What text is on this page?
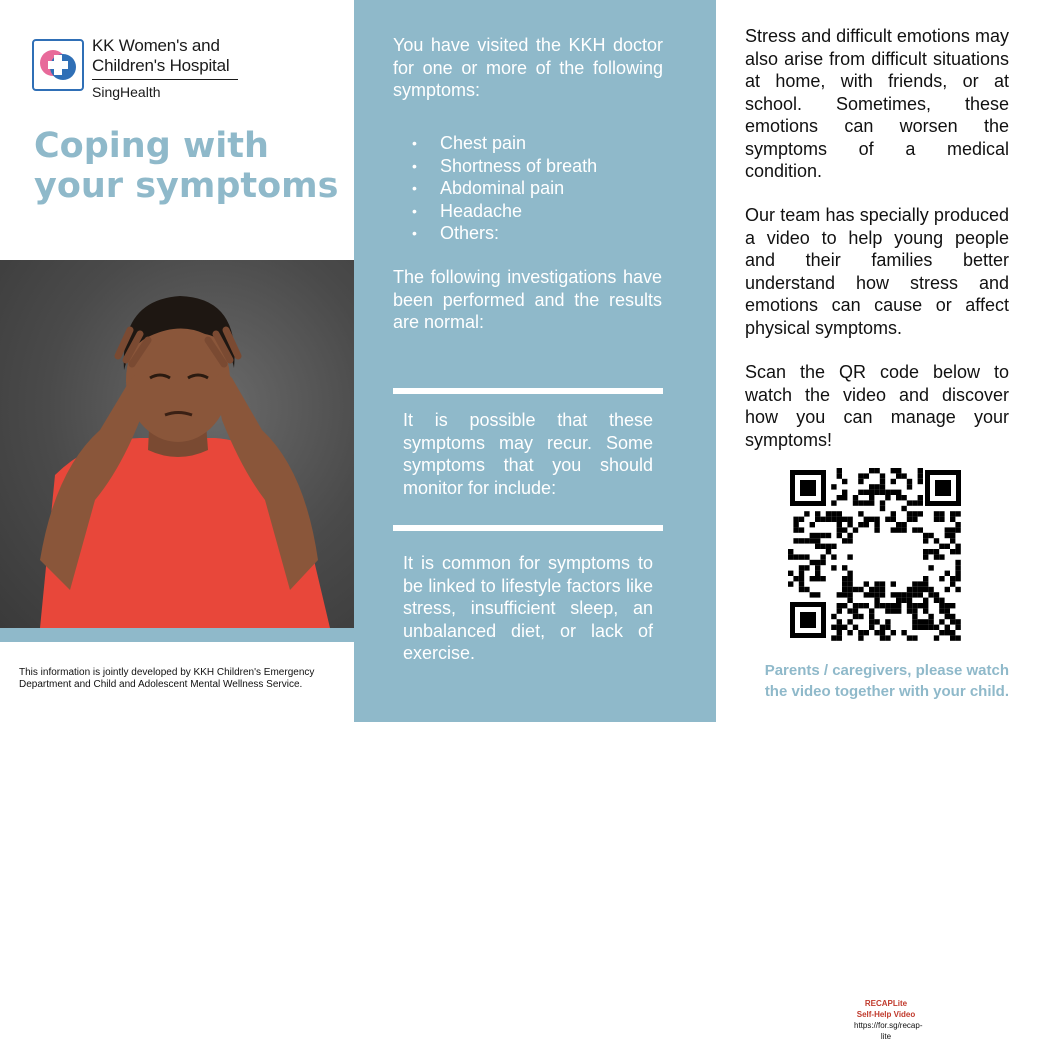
KK Women's and
Children's Hospital
SingHealth
Coping with your symptoms
This information is jointly developed by KKH Children's Emergency Department and Child and Adolescent Mental Wellness Service.
You have visited the KKH doctor for one or more of the following symptoms:
• Chest pain
• Shortness of breath
• Abdominal pain
• Headache
• Others:
The following investigations have been performed and the results are normal:
It is possible that these symptoms may recur. Some symptoms that you should monitor for include:
It is common for symptoms to be linked to lifestyle factors like stress, insufficient sleep, an unbalanced diet, or lack of exercise.
Stress and difficult emotions may also arise from difficult situations at home, with friends, or at school. Sometimes, these emotions can worsen the symptoms of a medical condition.
Our team has specially produced a video to help young people and their families better understand how stress and emotions can cause or affect physical symptoms.
Scan the QR code below to watch the video and discover how you can manage your symptoms!
RECAPLite
Self-Help Video
https://for.sg/recap-lite
Parents / caregivers, please watch the video together with your child.
